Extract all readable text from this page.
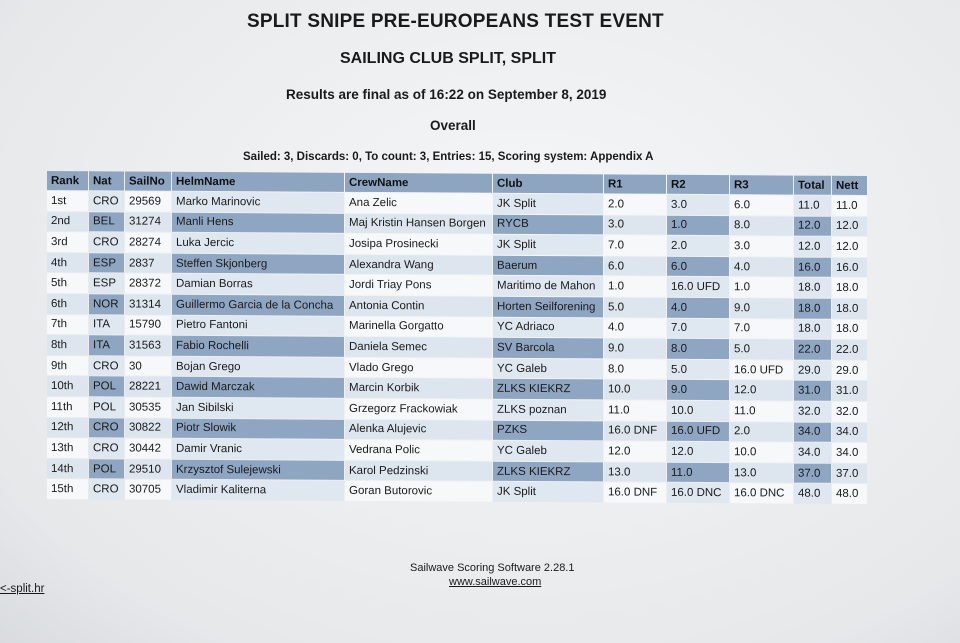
SPLIT SNIPE PRE-EUROPEANS TEST EVENT
SAILING CLUB SPLIT, SPLIT
Results are final as of 16:22 on September 8, 2019
Overall
Sailed: 3, Discards: 0, To count: 3, Entries: 15, Scoring system: Appendix A
Rank	Nat	SailNo	HelmName	CrewName	Club	R1	R2	R3	Total	Nett
1st	CRO	29569	Marko Marinovic	Ana Zelic	JK Split	2.0	3.0	6.0	11.0	11.0
2nd	BEL	31274	Manli Hens	Maj Kristin Hansen Borgen	RYCB	3.0	1.0	8.0	12.0	12.0
3rd	CRO	28274	Luka Jercic	Josipa Prosinecki	JK Split	7.0	2.0	3.0	12.0	12.0
4th	ESP	2837	Steffen Skjonberg	Alexandra Wang	Baerum	6.0	6.0	4.0	16.0	16.0
5th	ESP	28372	Damian Borras	Jordi Triay Pons	Maritimo de Mahon	1.0	16.0 UFD	1.0	18.0	18.0
6th	NOR	31314	Guillermo Garcia de la Concha	Antonia Contin	Horten Seilforening	5.0	4.0	9.0	18.0	18.0
7th	ITA	15790	Pietro Fantoni	Marinella Gorgatto	YC Adriaco	4.0	7.0	7.0	18.0	18.0
8th	ITA	31563	Fabio Rochelli	Daniela Semec	SV Barcola	9.0	8.0	5.0	22.0	22.0
9th	CRO	30	Bojan Grego	Vlado Grego	YC Galeb	8.0	5.0	16.0 UFD	29.0	29.0
10th	POL	28221	Dawid Marczak	Marcin Korbik	ZLKS KIEKRZ	10.0	9.0	12.0	31.0	31.0
11th	POL	30535	Jan Sibilski	Grzegorz Frackowiak	ZLKS poznan	11.0	10.0	11.0	32.0	32.0
12th	CRO	30822	Piotr Slowik	Alenka Alujevic	PZKS	16.0 DNF	16.0 UFD	2.0	34.0	34.0
13th	CRO	30442	Damir Vranic	Vedrana Polic	YC Galeb	12.0	12.0	10.0	34.0	34.0
14th	POL	29510	Krzysztof Sulejewski	Karol Pedzinski	ZLKS KIEKRZ	13.0	11.0	13.0	37.0	37.0
15th	CRO	30705	Vladimir Kaliterna	Goran Butorovic	JK Split	16.0 DNF	16.0 DNC	16.0 DNC	48.0	48.0
Sailwave Scoring Software 2.28.1
www.sailwave.com
<-split.hr
